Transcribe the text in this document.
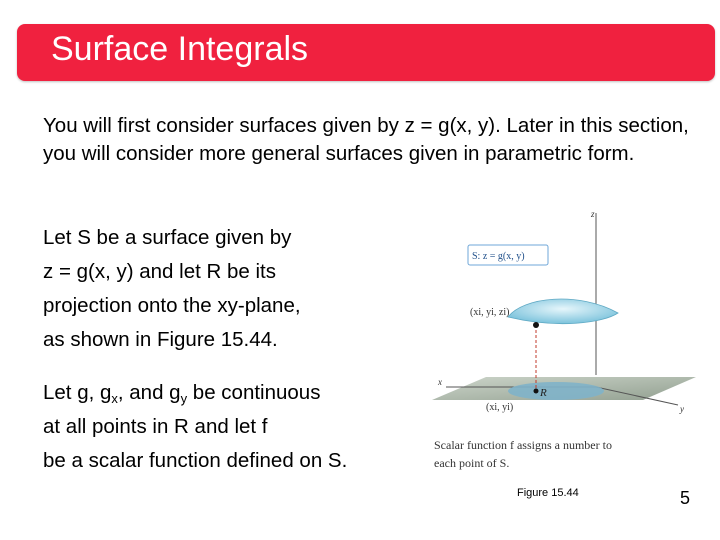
Surface Integrals

You will first consider surfaces given by z = g(x, y). Later in this section, you will consider more general surfaces given in parametric form.

Let S be a surface given by
z = g(x, y) and let R be its
projection onto the xy-plane,
as shown in Figure 15.44.
Let g, $g_x$, and $g_y$ be continuous
at all points in R and let f
be a scalar function defined on S.
S: z = g(x, y)
(xi, yi, zi)
(xi, yi)
R
z
x
y
Scalar function f assigns a number to
each point of S.
Figure 15.44	5
